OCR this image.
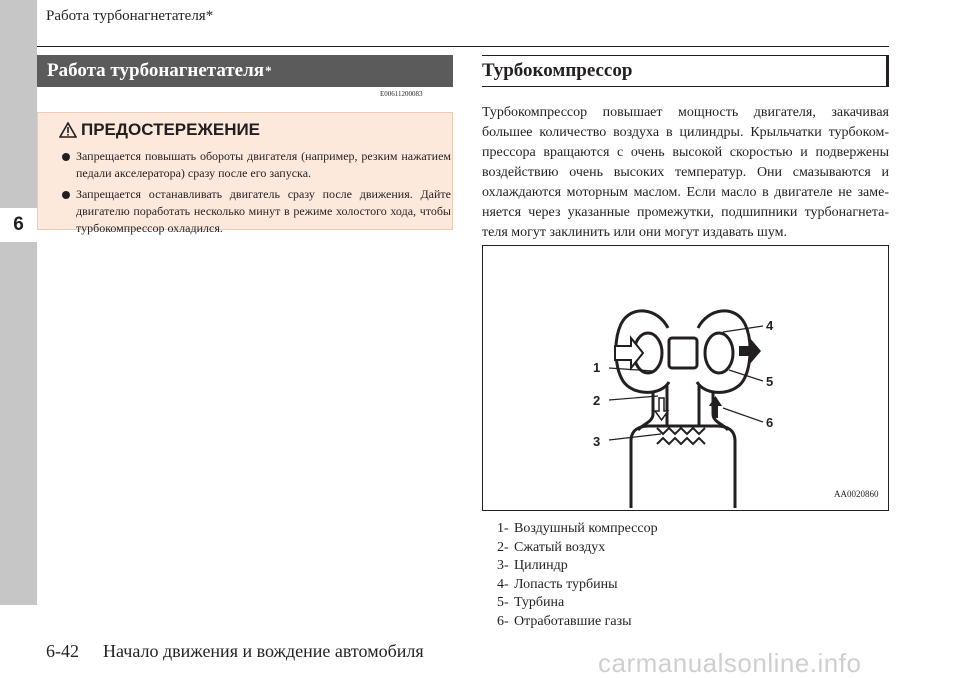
6
Работа турбонагнетателя*
Работа турбонагнетателя *
E00611200083
ПРЕДОСТЕРЕЖЕНИЕ
Запрещается повышать обороты двигателя (например, резким нажатием педали акселератора) сразу после его запуска.
Запрещается останавливать двигатель сразу после движения. Дайте двигателю поработать несколько минут в режиме холостого хода, чтобы турбокомпрессор охладился.
Турбокомпрессор
Турбокомпрессор повышает мощность двигателя, закачивая большее количество воздуха в цилиндры. Крыльчатки турбокомпрессора вращаются с очень высокой скоростью и подвержены воздействию очень высоких температур. Они смазываются и охлаждаются моторным маслом. Если масло в двигателе не заменяется через указанные промежутки, подшипники турбонагнетателя могут заклинить или они могут издавать шум.
1
2
3
4
5
6
AA0020860
1- Воздушный компрессор
2- Сжатый воздух
3- Цилиндр
4- Лопасть турбины
5- Турбина
6- Отработавшие газы
6-42 Начало движения и вождение автомобиля	carmanualsonline.info
